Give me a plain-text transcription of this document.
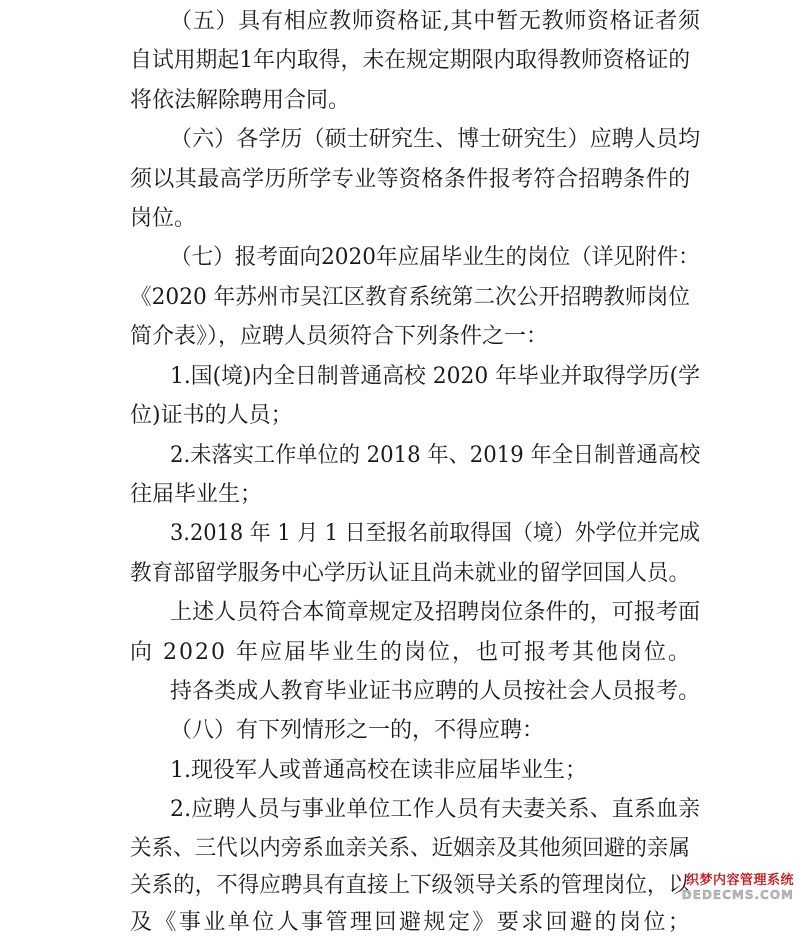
（五）具有相应教师资格证,其中暂无教师资格证者须
自试用期起1年内取得，未在规定期限内取得教师资格证的
将依法解除聘用合同。
（六）各学历（硕士研究生、博士研究生）应聘人员均
须以其最高学历所学专业等资格条件报考符合招聘条件的
岗位。
（七）报考面向2020年应届毕业生的岗位（详见附件：
《2020 年苏州市吴江区教育系统第二次公开招聘教师岗位
简介表》），应聘人员须符合下列条件之一：
1.国(境)内全日制普通高校 2020 年毕业并取得学历(学
位)证书的人员；
2.未落实工作单位的 2018 年、2019 年全日制普通高校
往届毕业生；
3.2018 年 1 月 1 日至报名前取得国（境）外学位并完成
教育部留学服务中心学历认证且尚未就业的留学回国人员。
上述人员符合本简章规定及招聘岗位条件的，可报考面
向 2020 年应届毕业生的岗位，也可报考其他岗位。
持各类成人教育毕业证书应聘的人员按社会人员报考。
（八）有下列情形之一的，不得应聘：
1.现役军人或普通高校在读非应届毕业生；
2.应聘人员与事业单位工作人员有夫妻关系、直系血亲
关系、三代以内旁系血亲关系、近姻亲及其他须回避的亲属
关系的，不得应聘具有直接上下级领导关系的管理岗位，以
及《事业单位人事管理回避规定》要求回避的岗位；
织梦内容管理系统
DEDECMS.COM
